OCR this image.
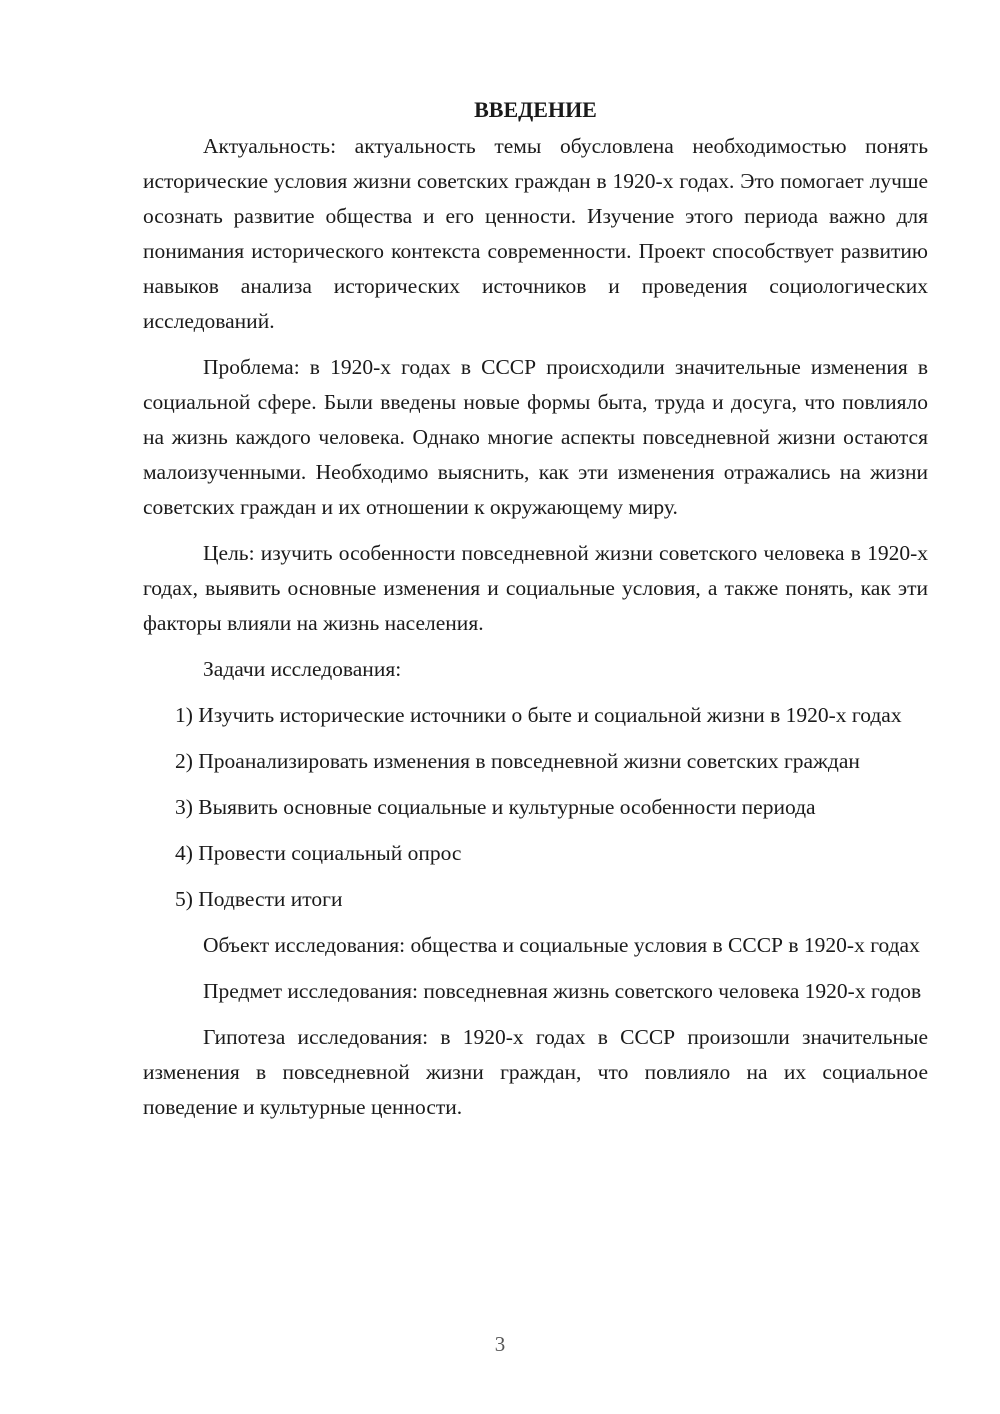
ВВЕДЕНИЕ

Актуальность: актуальность темы обусловлена необходимостью понять исторические условия жизни советских граждан в 1920-х годах. Это помогает лучше осознать развитие общества и его ценности. Изучение этого периода важно для понимания исторического контекста современности. Проект способствует развитию навыков анализа исторических источников и проведения социологических исследований.

Проблема: в 1920-х годах в СССР происходили значительные изменения в социальной сфере. Были введены новые формы быта, труда и досуга, что повлияло на жизнь каждого человека. Однако многие аспекты повседневной жизни остаются малоизученными. Необходимо выяснить, как эти изменения отражались на жизни советских граждан и их отношении к окружающему миру.

Цель: изучить особенности повседневной жизни советского человека в 1920-х годах, выявить основные изменения и социальные условия, а также понять, как эти факторы влияли на жизнь населения.

Задачи исследования:

1) Изучить исторические источники о быте и социальной жизни в 1920-х годах

2) Проанализировать изменения в повседневной жизни советских граждан

3) Выявить основные социальные и культурные особенности периода

4) Провести социальный опрос

5) Подвести итоги

Объект исследования: общества и социальные условия в СССР в 1920-х годах

Предмет исследования: повседневная жизнь советского человека 1920-х годов

Гипотеза исследования: в 1920-х годах в СССР произошли значительные изменения в повседневной жизни граждан, что повлияло на их социальное поведение и культурные ценности.

3
